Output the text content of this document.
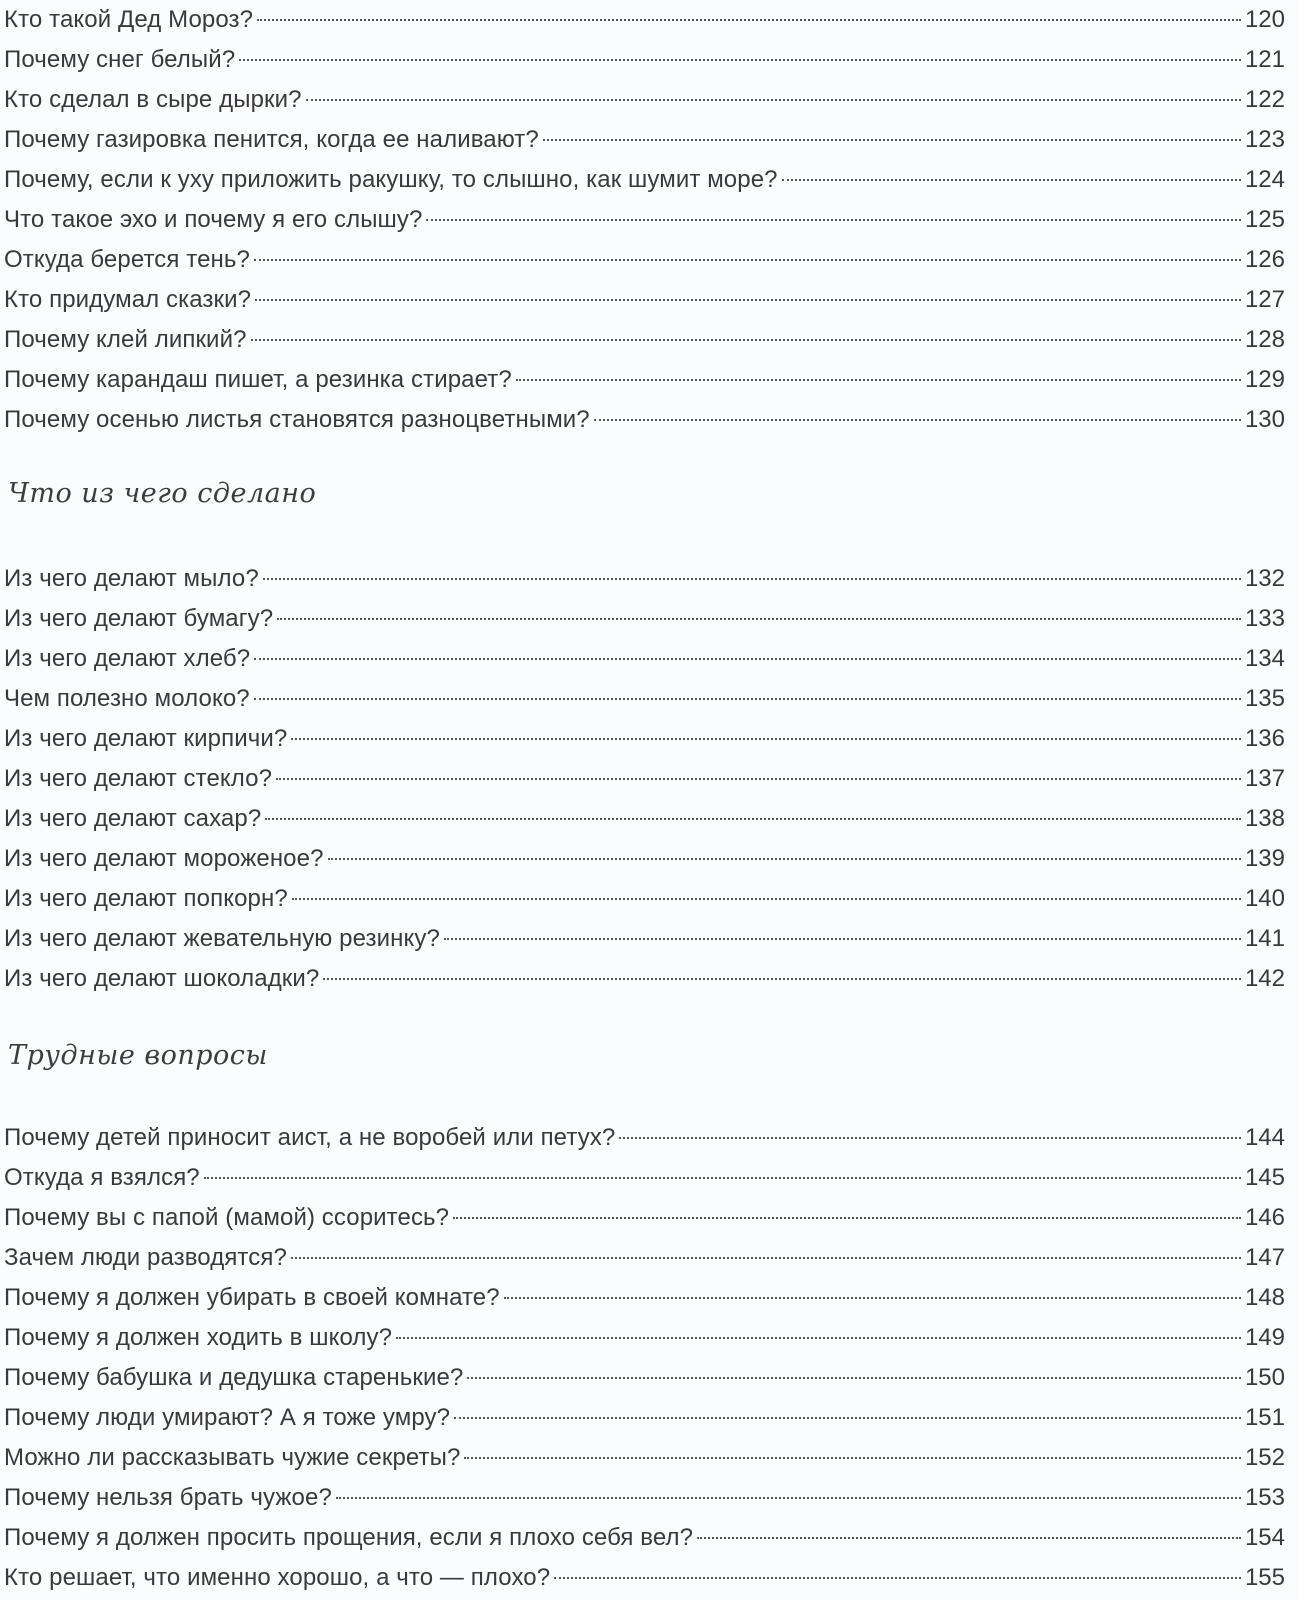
Кто такой Дед Мороз?	120
Почему снег белый?	121
Кто сделал в сыре дырки?	122
Почему газировка пенится, когда ее наливают?	123
Почему, если к уху приложить ракушку, то слышно, как шумит море?	124
Что такое эхо и почему я его слышу?	125
Откуда берется тень?	126
Кто придумал сказки?	127
Почему клей липкий?	128
Почему карандаш пишет, а резинка стирает?	129
Почему осенью листья становятся разноцветными?	130
Что из чего сделано
Из чего делают мыло?	132
Из чего делают бумагу?	133
Из чего делают хлеб?	134
Чем полезно молоко?	135
Из чего делают кирпичи?	136
Из чего делают стекло?	137
Из чего делают сахар?	138
Из чего делают мороженое?	139
Из чего делают попкорн?	140
Из чего делают жевательную резинку?	141
Из чего делают шоколадки?	142
Трудные вопросы
Почему детей приносит аист, а не воробей или петух?	144
Откуда я взялся?	145
Почему вы с папой (мамой) ссоритесь?	146
Зачем люди разводятся?	147
Почему я должен убирать в своей комнате?	148
Почему я должен ходить в школу?	149
Почему бабушка и дедушка старенькие?	150
Почему люди умирают? А я тоже умру?	151
Можно ли рассказывать чужие секреты?	152
Почему нельзя брать чужое?	153
Почему я должен просить прощения, если я плохо себя вел?	154
Кто решает, что именно хорошо, а что — плохо?	155
